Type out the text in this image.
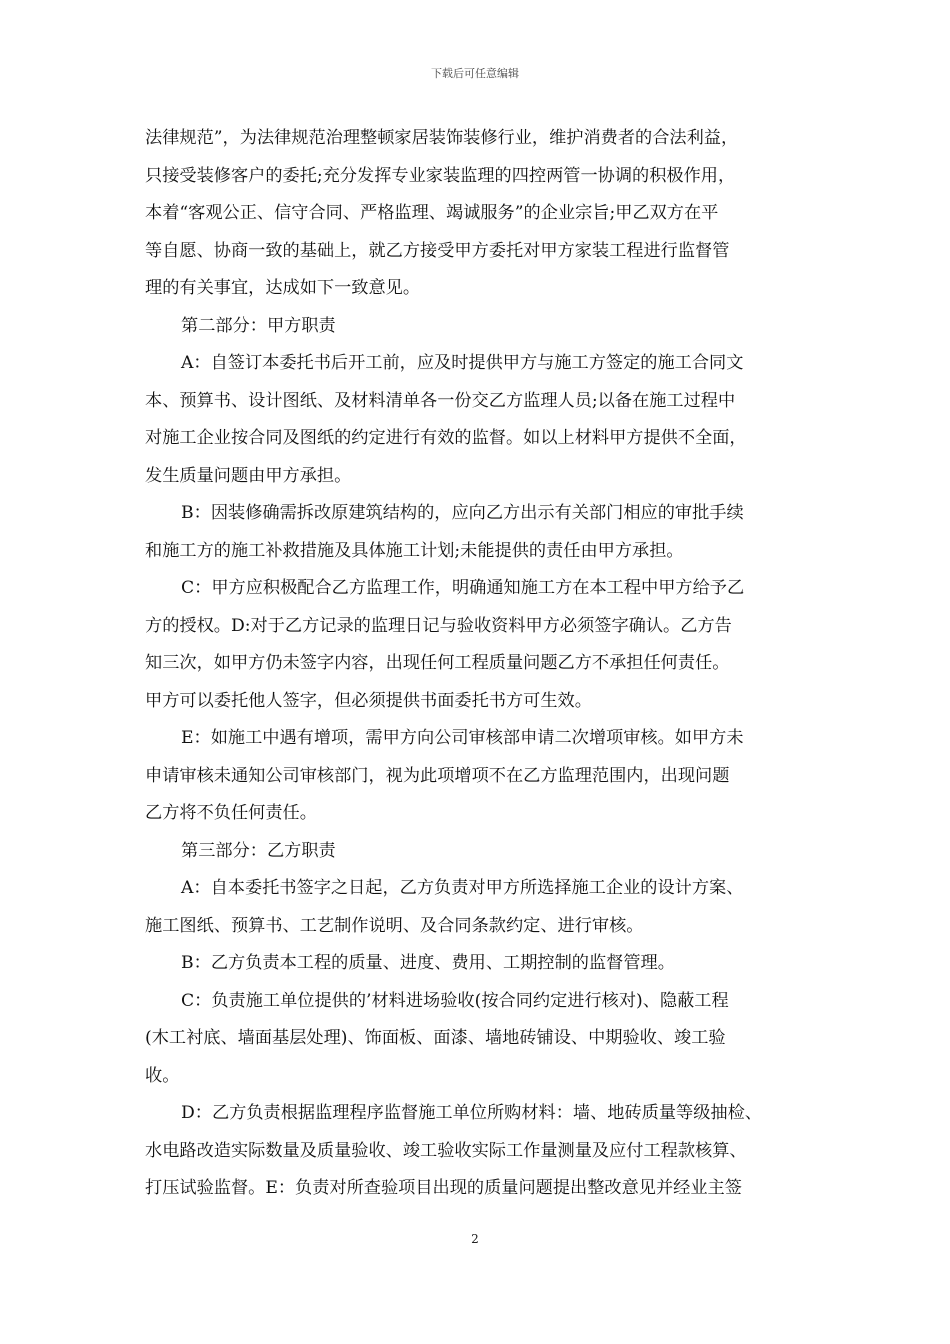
下载后可任意编辑
法律规范”，为法律规范治理整顿家居装饰装修行业，维护消费者的合法利益，
只接受装修客户的委托;充分发挥专业家装监理的四控两管一协调的积极作用，
本着“客观公正、信守合同、严格监理、竭诚服务”的企业宗旨;甲乙双方在平
等自愿、协商一致的基础上，就乙方接受甲方委托对甲方家装工程进行监督管
理的有关事宜，达成如下一致意见。
第二部分：甲方职责
A：自签订本委托书后开工前，应及时提供甲方与施工方签定的施工合同文
本、预算书、设计图纸、及材料清单各一份交乙方监理人员;以备在施工过程中
对施工企业按合同及图纸的约定进行有效的监督。如以上材料甲方提供不全面，
发生质量问题由甲方承担。
B：因装修确需拆改原建筑结构的，应向乙方出示有关部门相应的审批手续
和施工方的施工补救措施及具体施工计划;未能提供的责任由甲方承担。
C：甲方应积极配合乙方监理工作，明确通知施工方在本工程中甲方给予乙
方的授权。D:对于乙方记录的监理日记与验收资料甲方必须签字确认。乙方告
知三次，如甲方仍未签字内容，出现任何工程质量问题乙方不承担任何责任。
甲方可以委托他人签字，但必须提供书面委托书方可生效。
E：如施工中遇有增项，需甲方向公司审核部申请二次增项审核。如甲方未
申请审核未通知公司审核部门，视为此项增项不在乙方监理范围内，出现问题
乙方将不负任何责任。
第三部分：乙方职责
A：自本委托书签字之日起，乙方负责对甲方所选择施工企业的设计方案、
施工图纸、预算书、工艺制作说明、及合同条款约定、进行审核。
B：乙方负责本工程的质量、进度、费用、工期控制的监督管理。
C：负责施工单位提供的’材料进场验收(按合同约定进行核对)、隐蔽工程
(木工衬底、墙面基层处理)、饰面板、面漆、墙地砖铺设、中期验收、竣工验
收。
D：乙方负责根据监理程序监督施工单位所购材料：墙、地砖质量等级抽检、
水电路改造实际数量及质量验收、竣工验收实际工作量测量及应付工程款核算、
打压试验监督。E：负责对所查验项目出现的质量问题提出整改意见并经业主签
2
